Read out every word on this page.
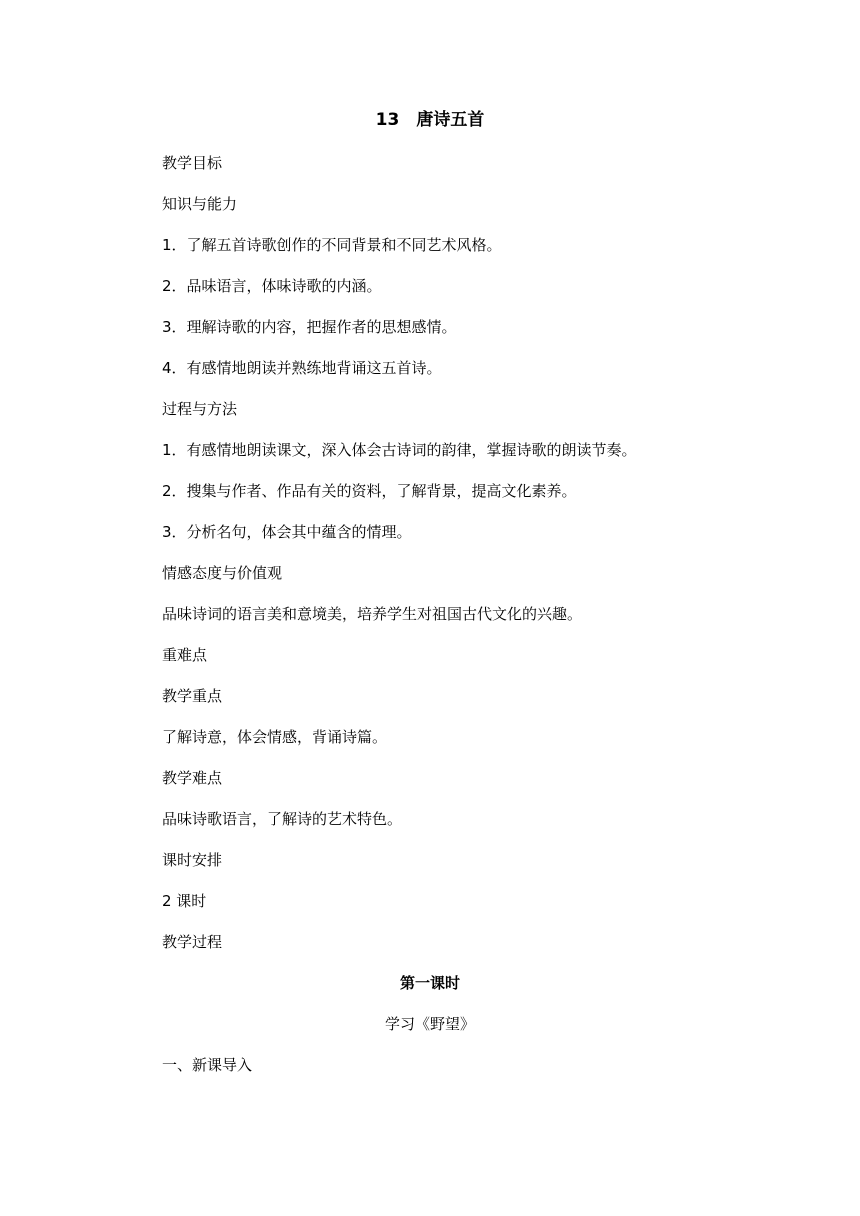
13　唐诗五首
教学目标
知识与能力
1．了解五首诗歌创作的不同背景和不同艺术风格。
2．品味语言，体味诗歌的内涵。
3．理解诗歌的内容，把握作者的思想感情。
4．有感情地朗读并熟练地背诵这五首诗。
过程与方法
1．有感情地朗读课文，深入体会古诗词的韵律，掌握诗歌的朗读节奏。
2．搜集与作者、作品有关的资料，了解背景，提高文化素养。
3．分析名句，体会其中蕴含的情理。
情感态度与价值观
品味诗词的语言美和意境美，培养学生对祖国古代文化的兴趣。
重难点
教学重点
了解诗意，体会情感，背诵诗篇。
教学难点
品味诗歌语言，了解诗的艺术特色。
课时安排
2 课时
教学过程
第一课时
学习《野望》
一、新课导入
